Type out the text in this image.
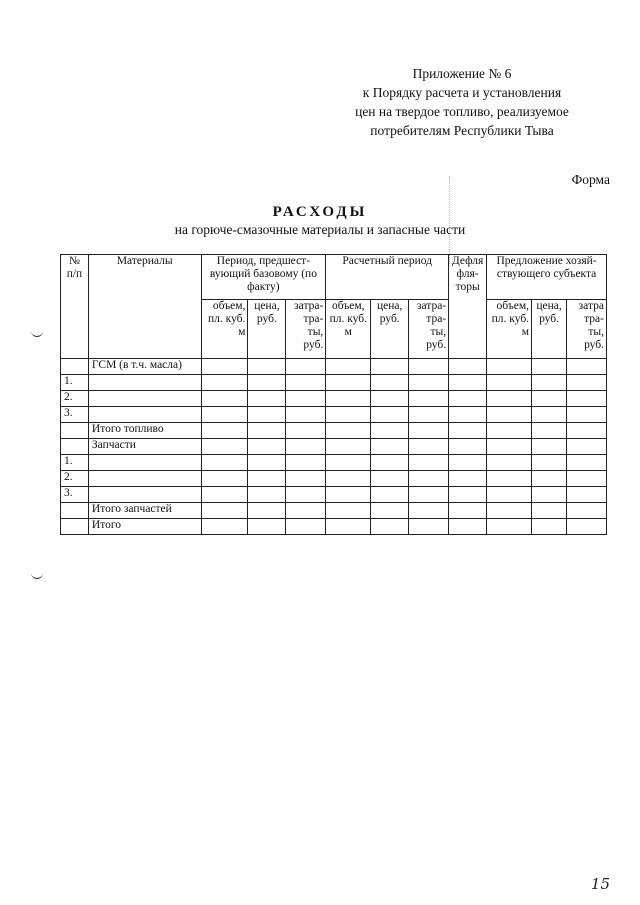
Приложение № 6
к Порядку расчета и установления
цен на твердое топливо, реализуемое
потребителям Республики Тыва
Форма
РАСХОДЫ
на горюче-смазочные материалы и запасные части
№ п/п	Материалы	Период, предшест-вующий базовому (по факту)			Расчетный период			Дефля фля-торы	Предложение хозяй-ствующего субъекта		
		объем, пл. куб. м	цена, руб.	затра-тра-ты, руб.	объем, пл. куб. м	цена, руб.	затра-тра-ты, руб.		объем, пл. куб. м	цена, руб.	затра тра-ты, руб.
	ГСМ (в т.ч. масла)										
1.											
2.											
3.											
	Итого топливо										
	Запчасти										
1.											
2.											
3.											
	Итого запчастей										
	Итого										
15
